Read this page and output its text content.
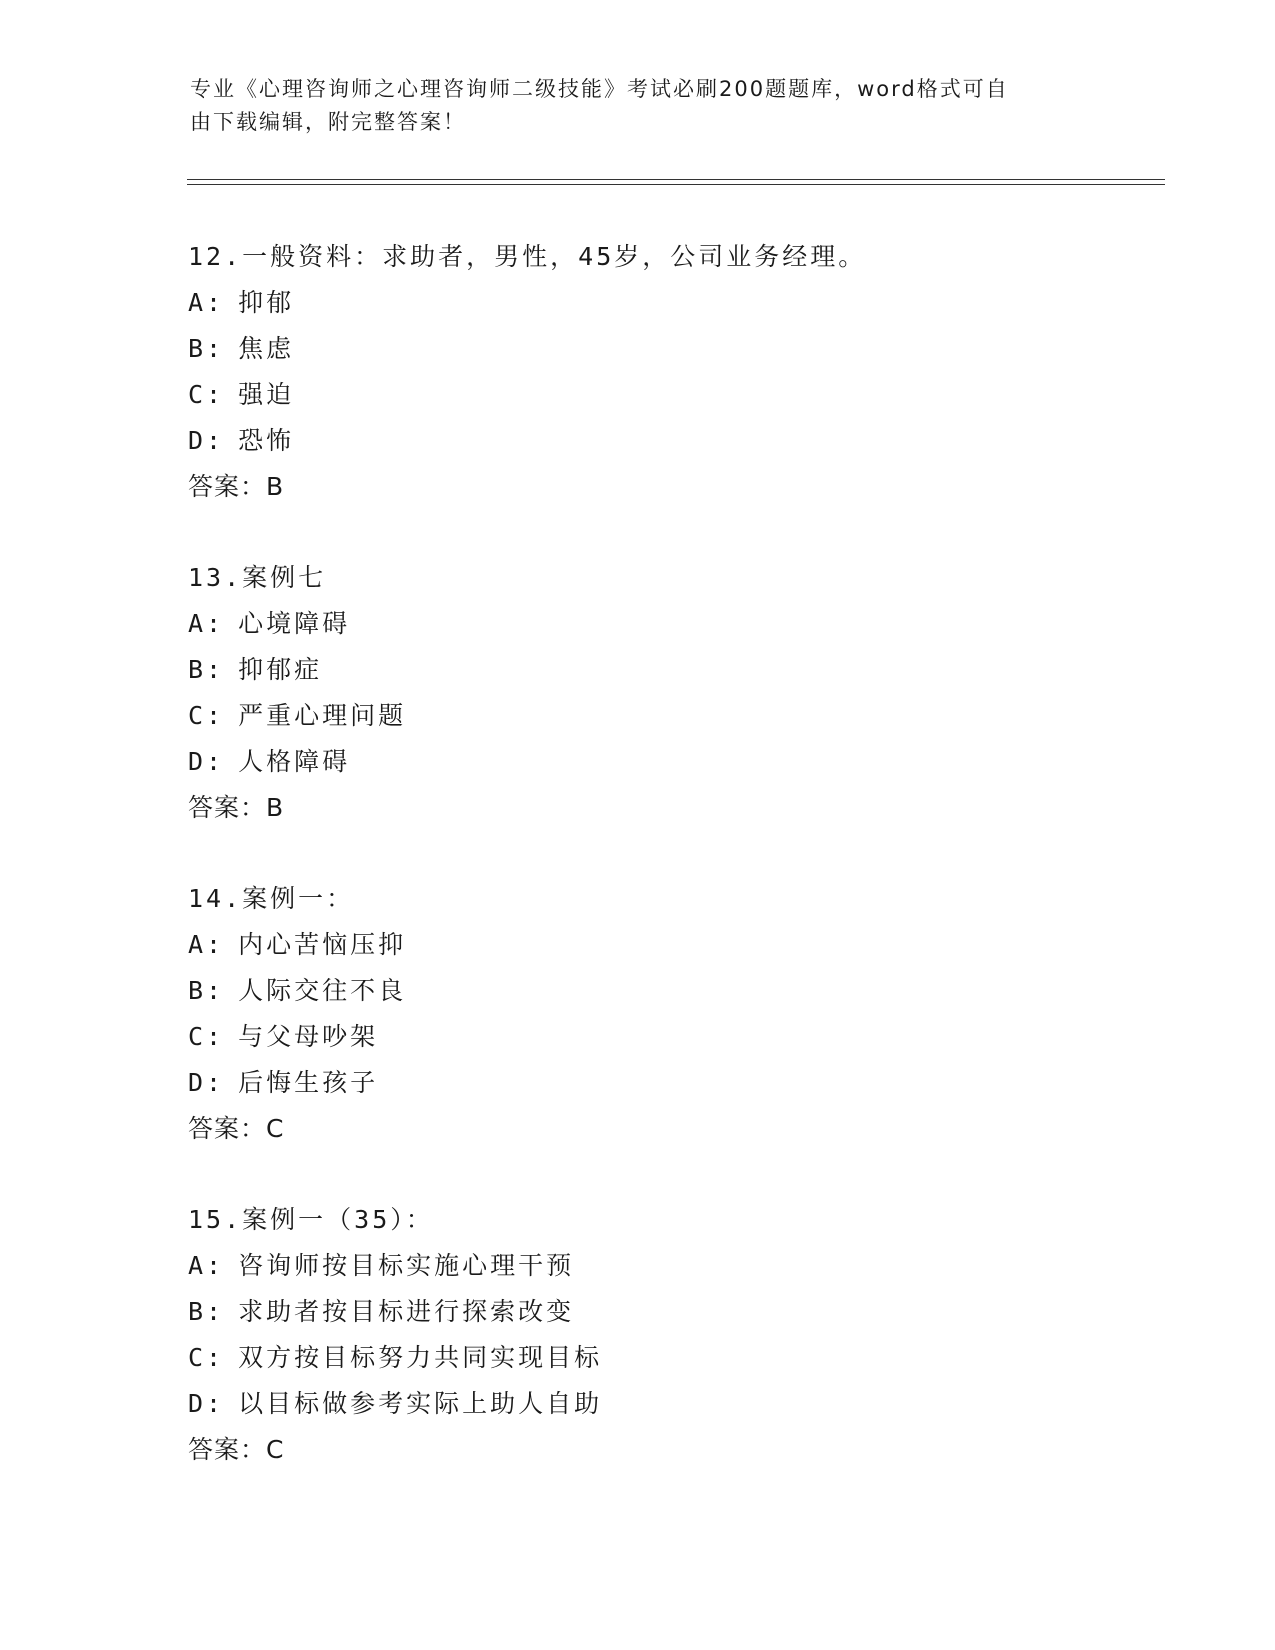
专业《心理咨询师之心理咨询师二级技能》考试必刷200题题库，word格式可自
由下载编辑，附完整答案！
12.一般资料：求助者，男性，45岁，公司业务经理。
A: 抑郁
B: 焦虑
C: 强迫
D: 恐怖
答案：B
13.案例七
A: 心境障碍
B: 抑郁症
C: 严重心理问题
D: 人格障碍
答案：B
14.案例一：
A: 内心苦恼压抑
B: 人际交往不良
C: 与父母吵架
D: 后悔生孩子
答案：C
15.案例一（35）：
A: 咨询师按目标实施心理干预
B: 求助者按目标进行探索改变
C: 双方按目标努力共同实现目标
D: 以目标做参考实际上助人自助
答案：C
